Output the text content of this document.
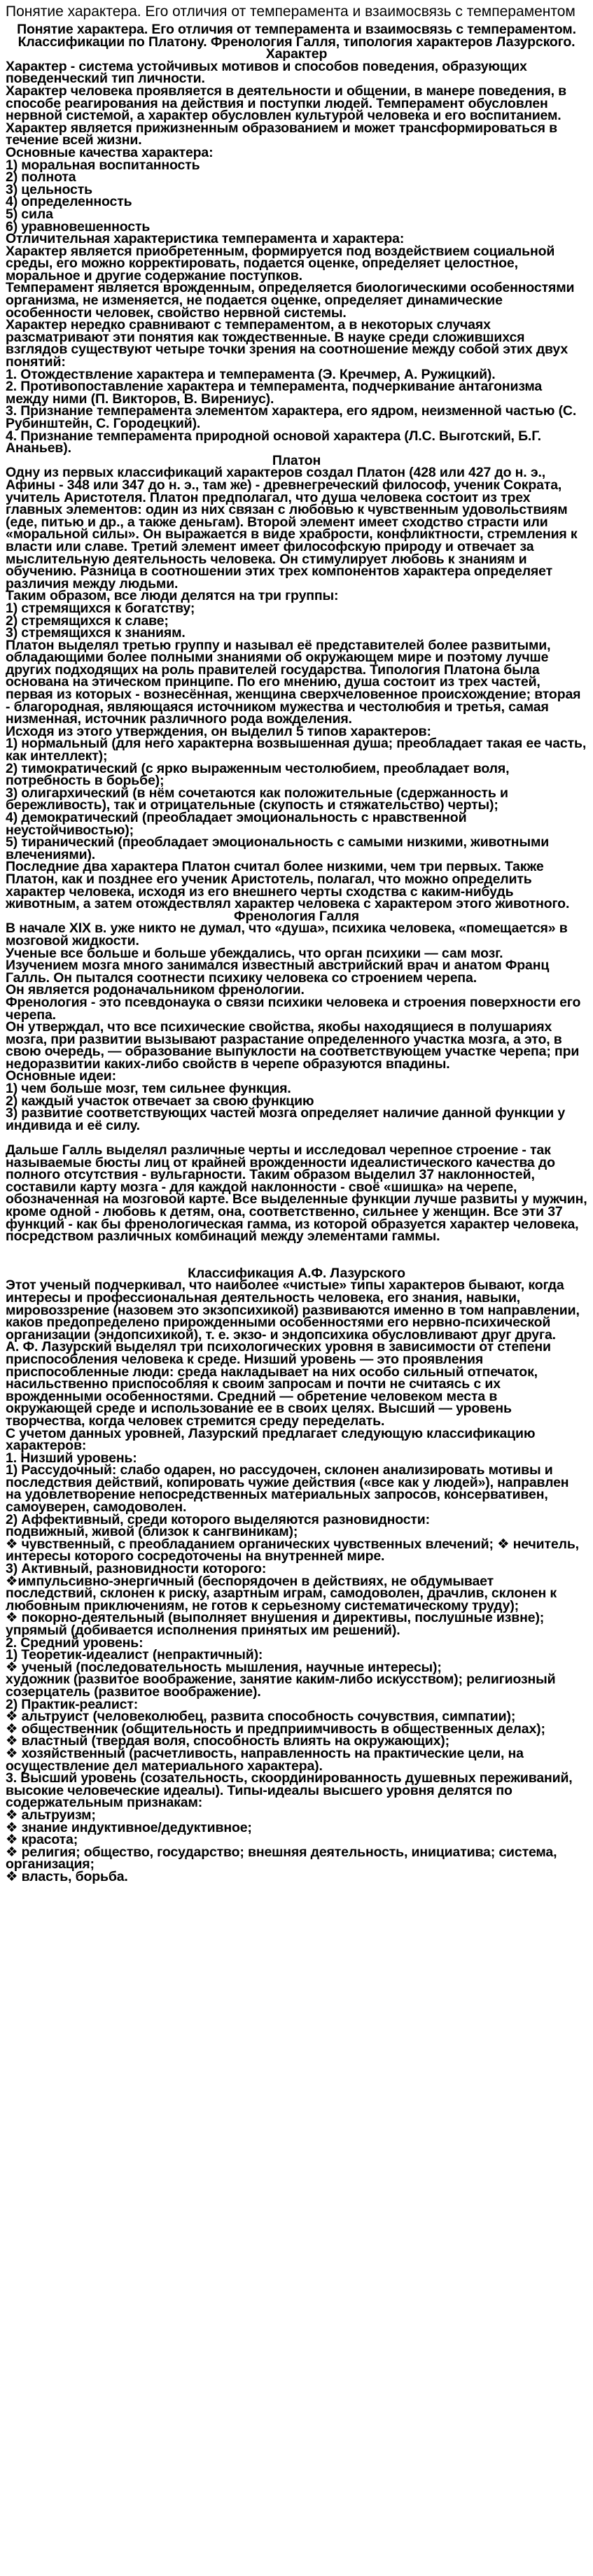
Понятие характера. Его отличия от темперамента и взаимосвязь с темпераментом

Понятие характера. Его отличия от темперамента и взаимосвязь с темпераментом. Классификации по Платону. Френология Галля, типология характеров Лазурского.

Характер

Характер - система устойчивых мотивов и способов поведения, образующих поведенческий тип личности.

Характер человека проявляется в деятельности и общении, в манере поведения, в способе реагирования на действия и поступки людей. Темперамент обусловлен нервной системой, а характер обусловлен культурой человека и его воспитанием. Характер является прижизненным образованием и может трансформироваться в течение всей жизни.

Основные качества характера:

1) моральная воспитанность

2) полнота

3) цельность

4) определенность

5) сила

6) уравновешенность

Отличительная характеристика темперамента и характера:

Характер является приобретенным, формируется под воздействием социальной среды, его можно корректировать, подается оценке, определяет целостное, моральное и другие содержание поступков.

Темперамент является врожденным, определяется биологическими особенностями организма, не изменяется, не подается оценке, определяет динамические особенности человек, свойство нервной системы.

Характер нередко сравнивают с темпераментом, а в некоторых случаях разсматривают эти понятия как тождественные. В науке среди сложившихся взглядов существуют четыре точки зрения на соотношение между собой этих двух понятий:

1. Отождествление характера и темперамента (Э. Кречмер, А. Ружицкий).

2. Противопоставление характера и темперамента, подчеркивание антагонизма между ними (П. Викторов, В. Вирениус).

3. Признание темперамента элементом характера, его ядром, неизменной частью (С. Рубинштейн, С. Городецкий).

4. Признание темперамента природной основой характера (Л.С. Выготский, Б.Г. Ананьев).

Платон

Одну из первых классификаций характеров создал Платон (428 или 427 до н. э., Афины - 348 или 347 до н. э., там же) - древнегреческий философ, ученик Сократа, учитель Аристотеля. Платон предполагал, что душа человека состоит из трех главных элементов: один из них связан с любовью к чувственным удовольствиям (еде, питью и др., а также деньгам). Второй элемент имеет сходство страсти или «моральной силы». Он выражается в виде храбрости, конфликтности, стремления к власти или славе. Третий элемент имеет философскую природу и отвечает за мыслительную деятельность человека. Он стимулирует любовь к знаниям и обучению. Разница в соотношении этих трех компонентов характера определяет различия между людьми.

Таким образом, все люди делятся на три группы:

1) стремящихся к богатству;

2) стремящихся к славе;

3) стремящихся к знаниям.

Платон выделял третью группу и называл её представителей более развитыми, обладающими более полными знаниями об окружающем мире и поэтому лучше других подходящих на роль правителей государства. Типология Платона была основана на этическом принципе. По его мнению, душа состоит из трех частей, первая из которых - вознесённая, женщина сверхчеловенное происхождение; вторая - благородная, являющаяся источником мужества и честолюбия и третья, самая низменная, источник различного рода вожделения.

Исходя из этого утверждения, он выделил 5 типов характеров:

1) нормальный (для него характерна возвышенная душа; преобладает такая ее часть, как интеллект);

2) тимократический (с ярко выраженным честолюбием, преобладает воля, потребность в борьбе);

3) олигархический (в нём сочетаются как положительные (сдержанность и бережливость), так и отрицательные (скупость и стяжательство) черты);

4) демократический (преобладает эмоциональность с нравственной неустойчивостью);

5) тиранический (преобладает эмоциональность с самыми низкими, животными влечениями).

Последние два характера Платон считал более низкими, чем три первых. Также Платон, как и позднее его ученик Аристотель, полагал, что можно определить характер человека, исходя из его внешнего черты сходства с каким-нибудь животным, а затем отождествлял характер человека с характером этого животного.

Френология Галля

В начале XIX в. уже никто не думал, что «душа», психика человека, «помещается» в мозговой жидкости.

Ученые все больше и больше убеждались, что орган психики — сам мозг.

Изучением мозга много занимался известный австрийский врач и анатом Франц Галль. Он пытался соотнести психику человека со строением черепа.

Он является родоначальником френологии.

Френология - это псевдонаука о связи психики человека и строения поверхности его черепа.

Он утверждал, что все психические свойства, якобы находящиеся в полушариях мозга, при развитии вызывают разрастание определенного участка мозга, а это, в свою очередь, — образование выпуклости на соответствующем участке черепа; при недоразвитии каких-либо свойств в черепе образуются впадины.

Основные идеи:

1) чем больше мозг, тем сильнее функция.

2) каждый участок отвечает за свою функцию

3) развитие соответствующих частей мозга определяет наличие данной функции у индивида и её силу.

Дальше Галль выделял различные черты и исследовал черепное строение - так называемые бюсты лиц от крайней врожденности идеалистического качества до полного отсутствия - вульгарности. Таким образом выделил 37 наклонностей, составили карту мозга - для каждой наклонности - своё «шишка» на черепе, обозначенная на мозговой карте. Все выделенные функции лучше развиты у мужчин, кроме одной - любовь к детям, она, соответственно, сильнее у женщин. Все эти 37 функций - как бы френологическая гамма, из которой образуется характер человека, посредством различных комбинаций между элементами гаммы.

Классификация А.Ф. Лазурского

Этот ученый подчеркивал, что наиболее «чистые» типы характеров бывают, когда интересы и профессиональная деятельность человека, его знания, навыки, мировоззрение (назовем это экзопсихикой) развиваются именно в том направлении, каков предопределено прирожденными особенностями его нервно-психической организации (эндопсихикой), т. е. экзо- и эндопсихика обусловливают друг друга.

А. Ф. Лазурский выделял три психологических уровня в зависимости от степени приспособления человека к среде. Низший уровень — это проявления приспособленные люди: среда накладывает на них особо сильный отпечаток, насильственно приспособляя к своим запросам и почти не считаясь с их врожденными особенностями. Средний — обретение человеком места в окружающей среде и использование ее в своих целях. Высший — уровень творчества, когда человек стремится среду переделать.

С учетом данных уровней, Лазурский предлагает следующую классификацию характеров:

1. Низший уровень:

1) Рассудочный: слабо одарен, но рассудочен, склонен анализировать мотивы и последствия действий, копировать чужие действия («все как у людей»), направлен на удовлетворение непосредственных материальных запросов, консервативен, самоуверен, самодоволен.

2) Аффективный, среди которого выделяются разновидности:

подвижный, живой (близок к сангвиникам);

❖ чувственный, с преобладанием органических чувственных влечений; ❖ нечитель, интересы которого сосредоточены на внутренней мире.

3) Активный, разновидности которого:

❖импульсивно-энергичный (беспорядочен в действиях, не обдумывает последствий, склонен к риску, азартным играм, самодоволен, драчлив, склонен к любовным приключениям, не готов к серьезному систематическому труду);

❖ покорно-деятельный (выполняет внушения и директивы, послушные извне);

упрямый (добивается исполнения принятых им решений).

2. Средний уровень:

1) Теоретик-идеалист (непрактичный):

❖ ученый (последовательность мышления, научные интересы);

художник (развитое воображение, занятие каким-либо искусством); религиозный созерцатель (развитое воображение).

2) Практик-реалист:

❖ альтруист (человеколюбец, развита способность сочувствия, симпатии);

❖ общественник (общительность и предприимчивость в общественных делах);

❖ властный (твердая воля, способность влиять на окружающих);

❖ хозяйственный (расчетливость, направленность на практические цели, на осуществление дел материального характера).

3. Высший уровень (созательность, скоординированность душевных переживаний, высокие человеческие идеалы). Типы-идеалы высшего уровня делятся по содержательным признакам:

❖ альтруизм;

❖ знание индуктивное/дедуктивное;

❖ красота;

❖ религия; общество, государство; внешняя деятельность, инициатива; система, организация;

❖ власть, борьба.
